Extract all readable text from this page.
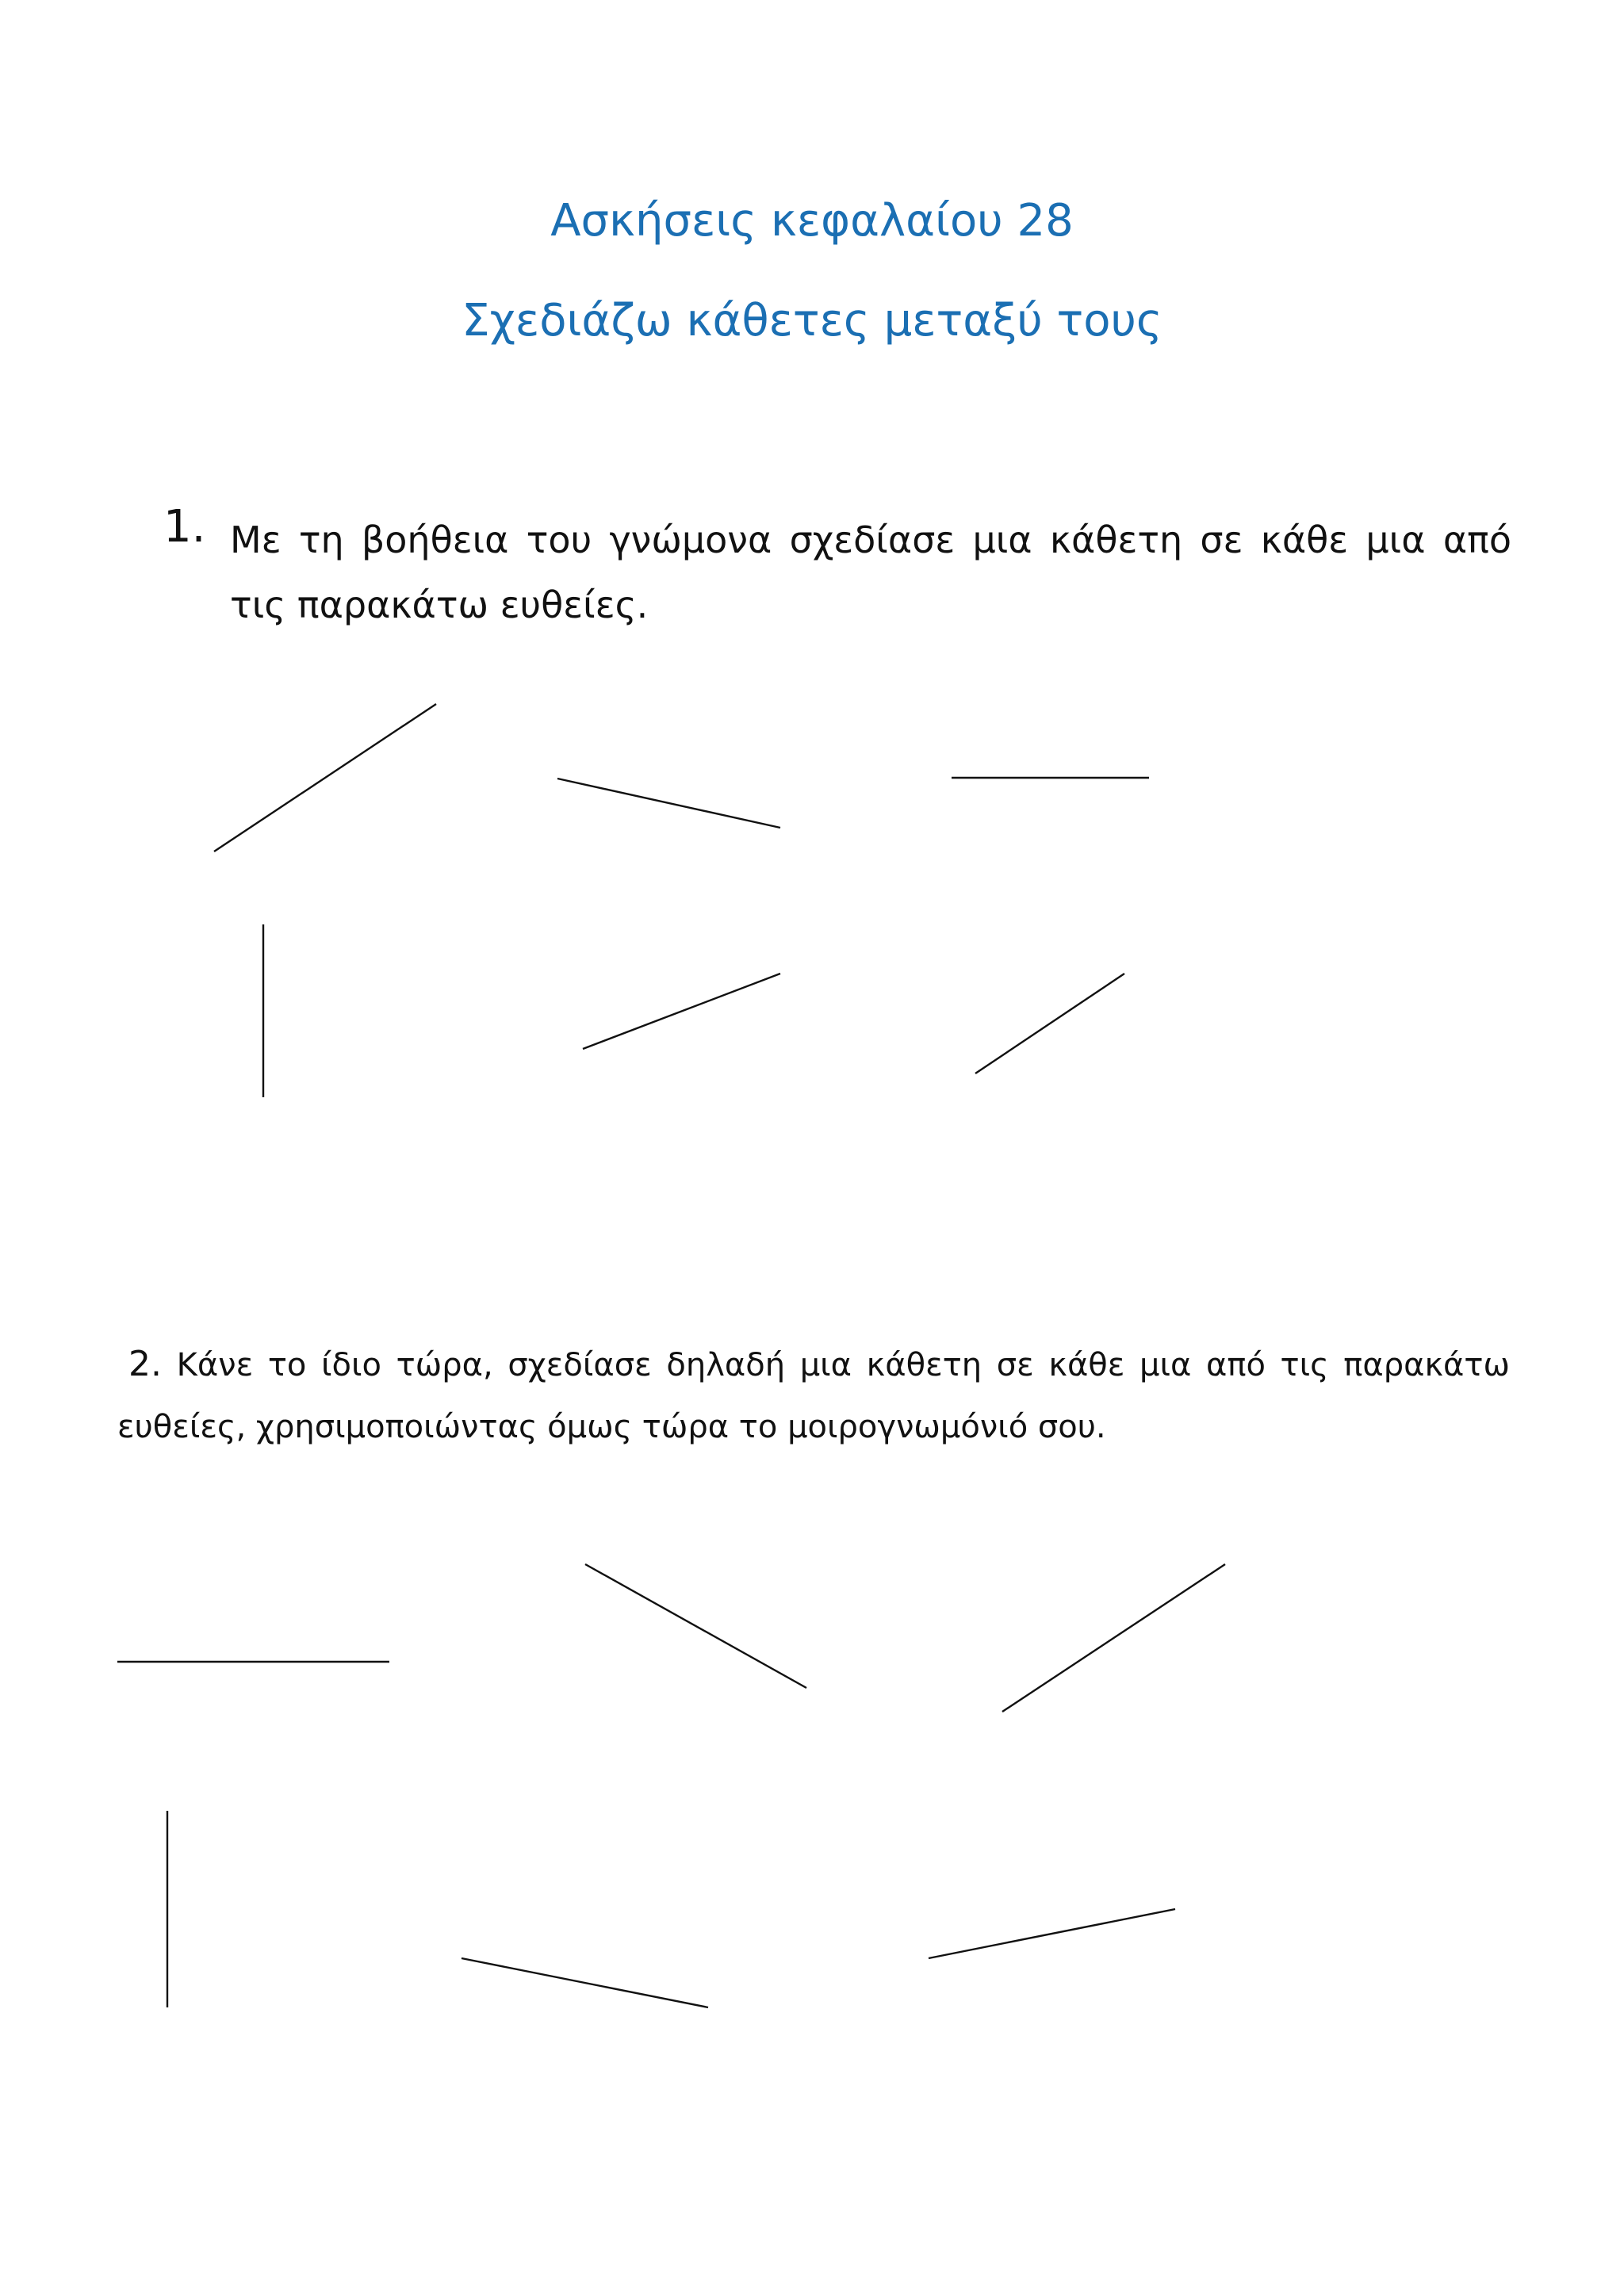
Ασκήσεις κεφαλαίου 28
Σχεδιάζω κάθετες μεταξύ τους
1. Με τη βοήθεια του γνώμονα σχεδίασε μια κάθετη σε κάθε μια από τις παρακάτω ευθείες.
2. Κάνε το ίδιο τώρα, σχεδίασε δηλαδή μια κάθετη σε κάθε μια από τις παρακάτω ευθείες, χρησιμοποιώντας όμως τώρα το μοιρογνωμόνιό σου.
